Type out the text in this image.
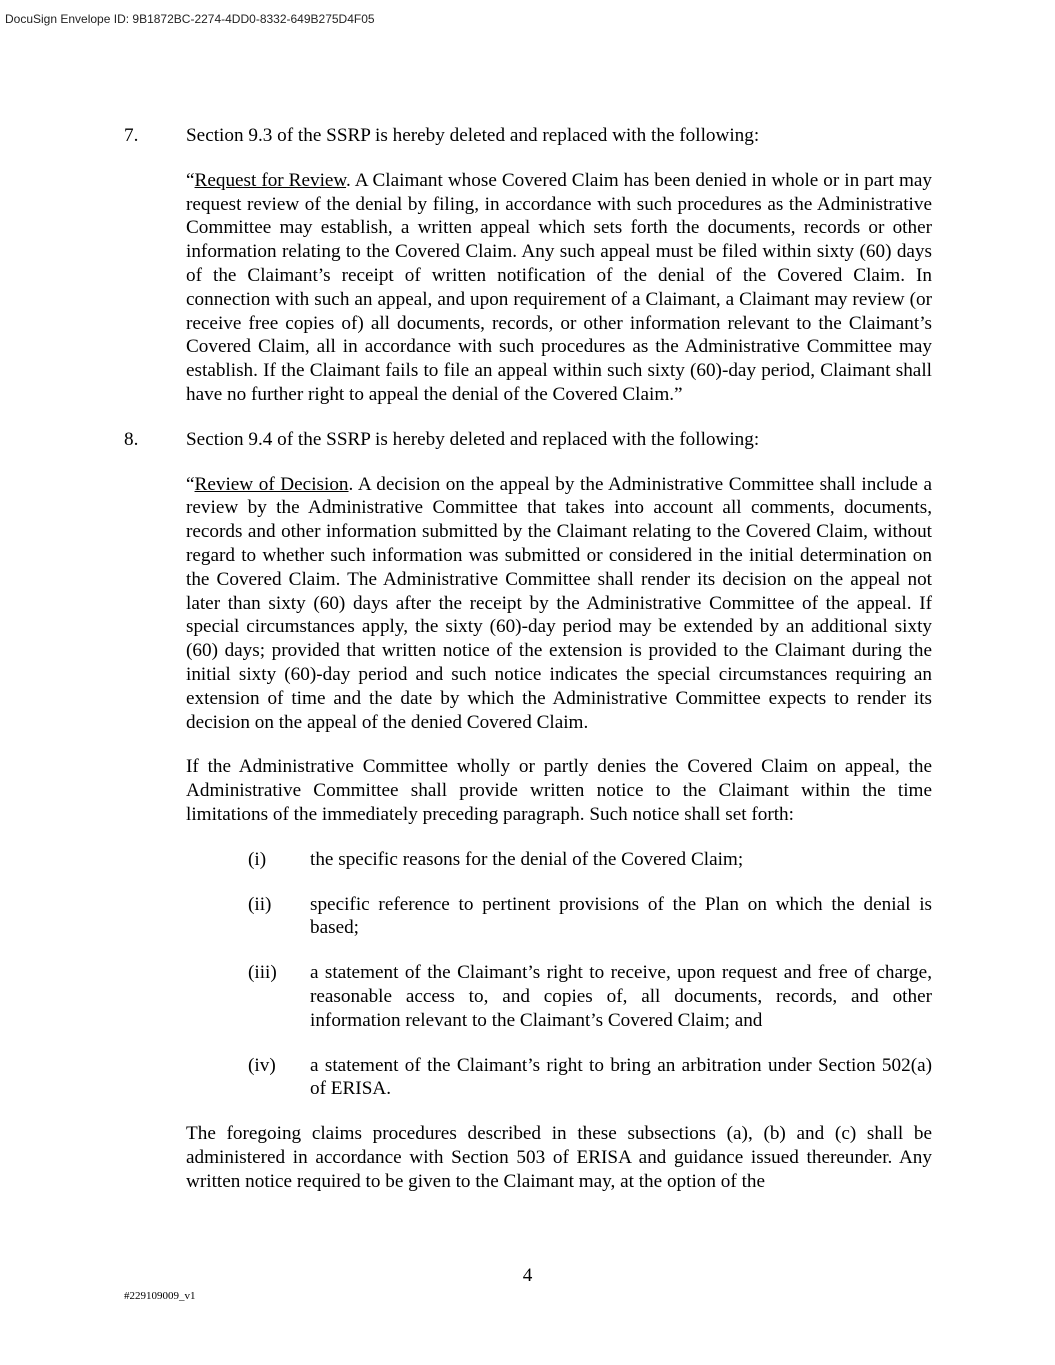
DocuSign Envelope ID: 9B1872BC-2274-4DD0-8332-649B275D4F05
7.	Section 9.3 of the SSRP is hereby deleted and replaced with the following:

“Request for Review. A Claimant whose Covered Claim has been denied in whole or in part may request review of the denial by filing, in accordance with such procedures as the Administrative Committee may establish, a written appeal which sets forth the documents, records or other information relating to the Covered Claim. Any such appeal must be filed within sixty (60) days of the Claimant’s receipt of written notification of the denial of the Covered Claim. In connection with such an appeal, and upon requirement of a Claimant, a Claimant may review (or receive free copies of) all documents, records, or other information relevant to the Claimant’s Covered Claim, all in accordance with such procedures as the Administrative Committee may establish. If the Claimant fails to file an appeal within such sixty (60)-day period, Claimant shall have no further right to appeal the denial of the Covered Claim.”

8.	Section 9.4 of the SSRP is hereby deleted and replaced with the following:

“Review of Decision. A decision on the appeal by the Administrative Committee shall include a review by the Administrative Committee that takes into account all comments, documents, records and other information submitted by the Claimant relating to the Covered Claim, without regard to whether such information was submitted or considered in the initial determination on the Covered Claim. The Administrative Committee shall render its decision on the appeal not later than sixty (60) days after the receipt by the Administrative Committee of the appeal. If special circumstances apply, the sixty (60)-day period may be extended by an additional sixty (60) days; provided that written notice of the extension is provided to the Claimant during the initial sixty (60)-day period and such notice indicates the special circumstances requiring an extension of time and the date by which the Administrative Committee expects to render its decision on the appeal of the denied Covered Claim.

If the Administrative Committee wholly or partly denies the Covered Claim on appeal, the Administrative Committee shall provide written notice to the Claimant within the time limitations of the immediately preceding paragraph. Such notice shall set forth:

(i)	the specific reasons for the denial of the Covered Claim;
(ii)	specific reference to pertinent provisions of the Plan on which the denial is based;
(iii)	a statement of the Claimant’s right to receive, upon request and free of charge, reasonable access to, and copies of, all documents, records, and other information relevant to the Claimant’s Covered Claim; and
(iv)	a statement of the Claimant’s right to bring an arbitration under Section 502(a) of ERISA.

The foregoing claims procedures described in these subsections (a), (b) and (c) shall be administered in accordance with Section 503 of ERISA and guidance issued thereunder. Any written notice required to be given to the Claimant may, at the option of the

4
#229109009_v1
